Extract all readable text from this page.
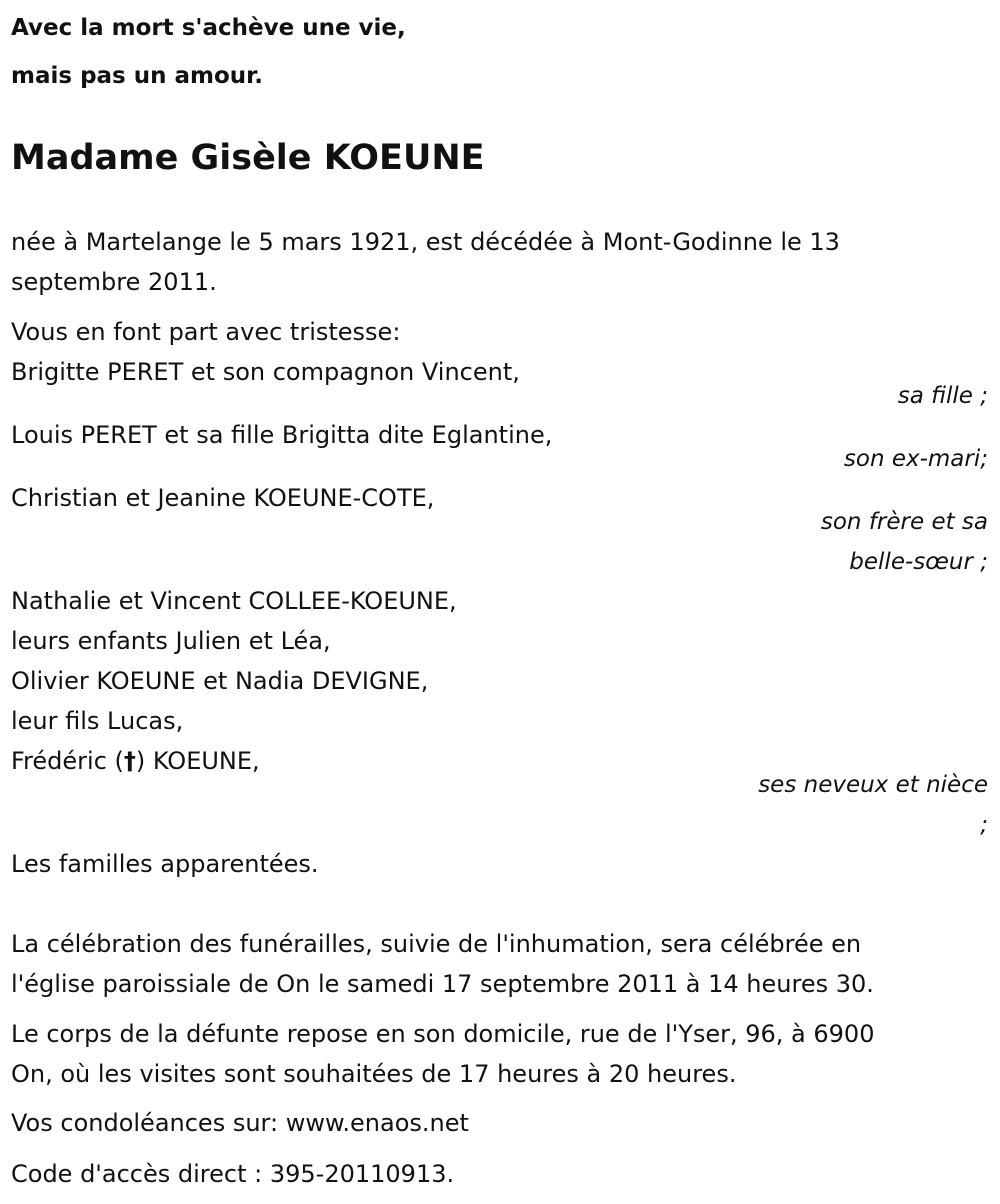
Avec la mort s'achève une vie,
mais pas un amour.
Madame Gisèle KOEUNE
née à Martelange le 5 mars 1921, est décédée à Mont-Godinne le 13
septembre 2011.
Vous en font part avec tristesse:
Brigitte PERET et son compagnon Vincent,
sa fille ;
Louis PERET et sa fille Brigitta dite Eglantine,
son ex-mari;
Christian et Jeanine KOEUNE-COTE,
son frère et sa
belle-sœur ;
Nathalie et Vincent COLLEE-KOEUNE,
leurs enfants Julien et Léa,
Olivier KOEUNE et Nadia DEVIGNE,
leur fils Lucas,
Frédéric (†) KOEUNE,
ses neveux et nièce
;
Les familles apparentées.
La célébration des funérailles, suivie de l'inhumation, sera célébrée en
l'église paroissiale de On le samedi 17 septembre 2011 à 14 heures 30.
Le corps de la défunte repose en son domicile, rue de l'Yser, 96, à 6900
On, où les visites sont souhaitées de 17 heures à 20 heures.
Vos condoléances sur: www.enaos.net
Code d'accès direct : 395-20110913.
